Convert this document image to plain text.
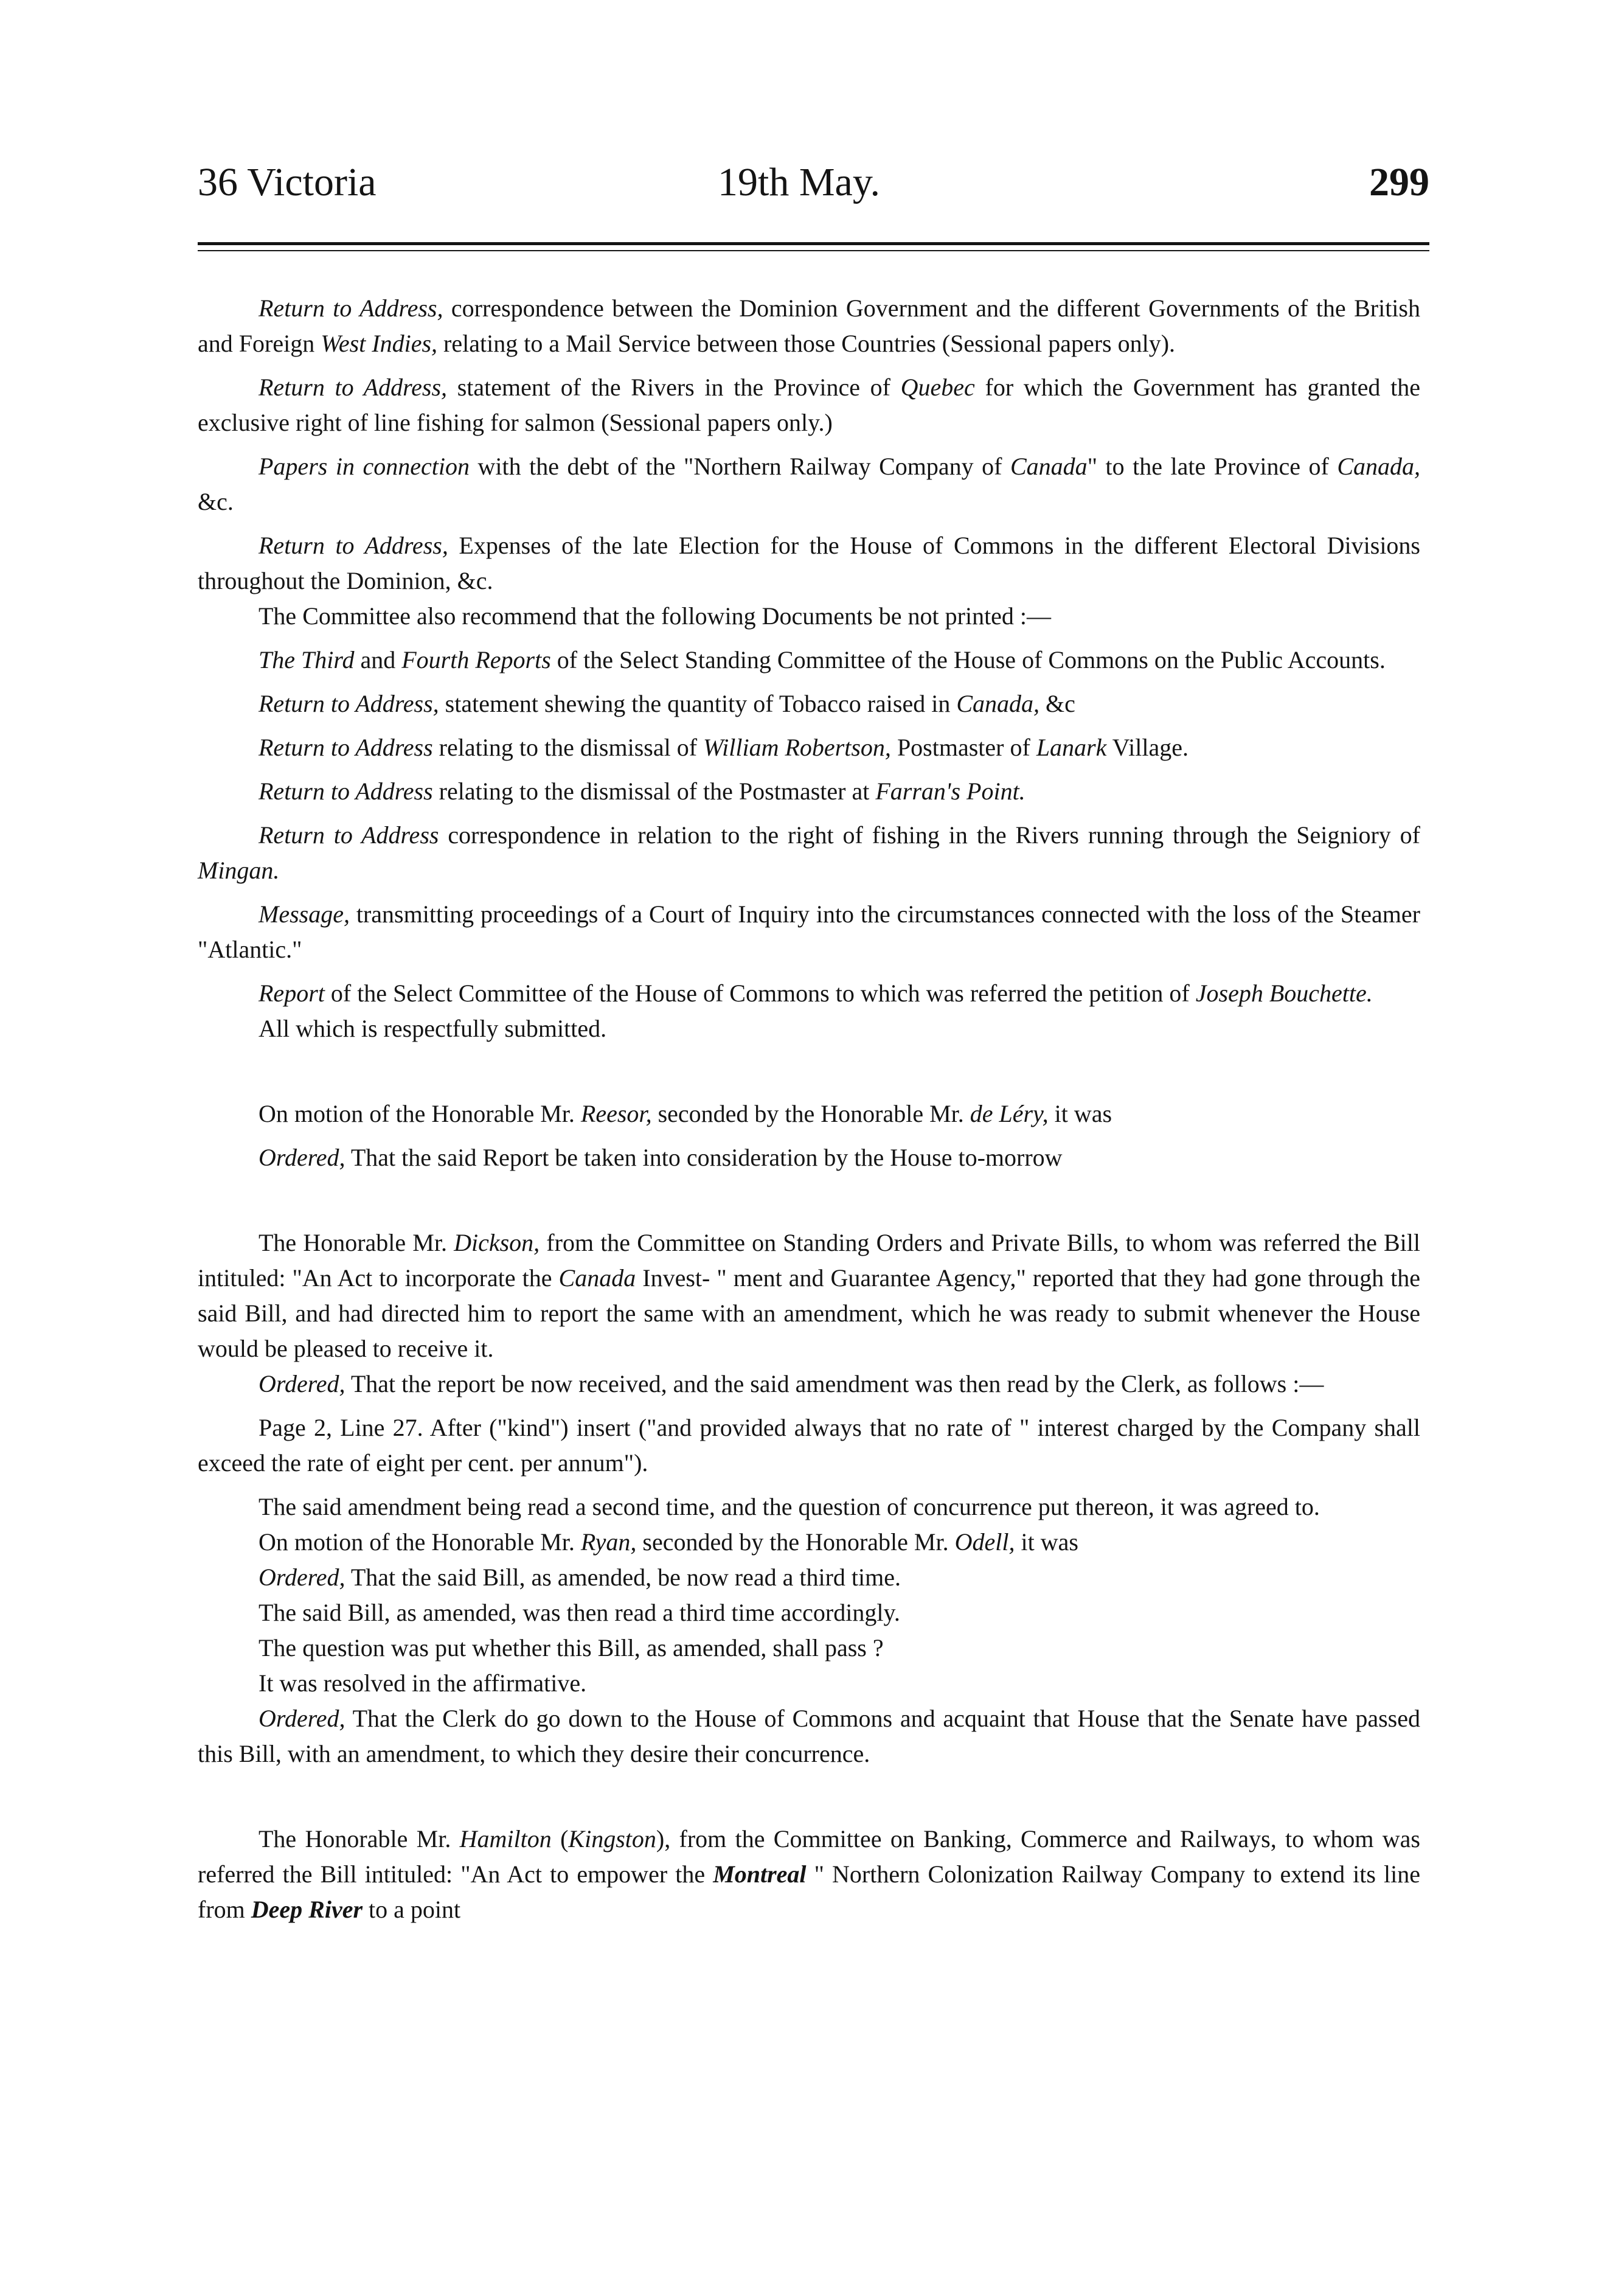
36 Victoria	19th May.	299

Return to Address, correspondence between the Dominion Government and the different Governments of the British and Foreign West Indies, relating to a Mail Service between those Countries (Sessional papers only).

Return to Address, statement of the Rivers in the Province of Quebec for which the Government has granted the exclusive right of line fishing for salmon (Sessional papers only.)

Papers in connection with the debt of the "Northern Railway Company of Canada" to the late Province of Canada, &c.

Return to Address, Expenses of the late Election for the House of Commons in the different Electoral Divisions throughout the Dominion, &c.

The Committee also recommend that the following Documents be not printed :—

The Third and Fourth Reports of the Select Standing Committee of the House of Commons on the Public Accounts.

Return to Address, statement shewing the quantity of Tobacco raised in Canada, &c

Return to Address relating to the dismissal of William Robertson, Postmaster of Lanark Village.

Return to Address relating to the dismissal of the Postmaster at Farran's Point.

Return to Address correspondence in relation to the right of fishing in the Rivers running through the Seigniory of Mingan.

Message, transmitting proceedings of a Court of Inquiry into the circumstances connected with the loss of the Steamer "Atlantic."

Report of the Select Committee of the House of Commons to which was referred the petition of Joseph Bouchette.

All which is respectfully submitted.

On motion of the Honorable Mr. Reesor, seconded by the Honorable Mr. de Léry, it was

Ordered, That the said Report be taken into consideration by the House to-morrow

The Honorable Mr. Dickson, from the Committee on Standing Orders and Private Bills, to whom was referred the Bill intituled: "An Act to incorporate the Canada Invest- " ment and Guarantee Agency," reported that they had gone through the said Bill, and had directed him to report the same with an amendment, which he was ready to submit whenever the House would be pleased to receive it.

Ordered, That the report be now received, and the said amendment was then read by the Clerk, as follows :—

Page 2, Line 27. After ("kind") insert ("and provided always that no rate of " interest charged by the Company shall exceed the rate of eight per cent. per annum").

The said amendment being read a second time, and the question of concurrence put thereon, it was agreed to.

On motion of the Honorable Mr. Ryan, seconded by the Honorable Mr. Odell, it was

Ordered, That the said Bill, as amended, be now read a third time.

The said Bill, as amended, was then read a third time accordingly.

The question was put whether this Bill, as amended, shall pass ?

It was resolved in the affirmative.

Ordered, That the Clerk do go down to the House of Commons and acquaint that House that the Senate have passed this Bill, with an amendment, to which they desire their concurrence.

The Honorable Mr. Hamilton (Kingston), from the Committee on Banking, Commerce and Railways, to whom was referred the Bill intituled: "An Act to empower the Montreal " Northern Colonization Railway Company to extend its line from Deep River to a point
